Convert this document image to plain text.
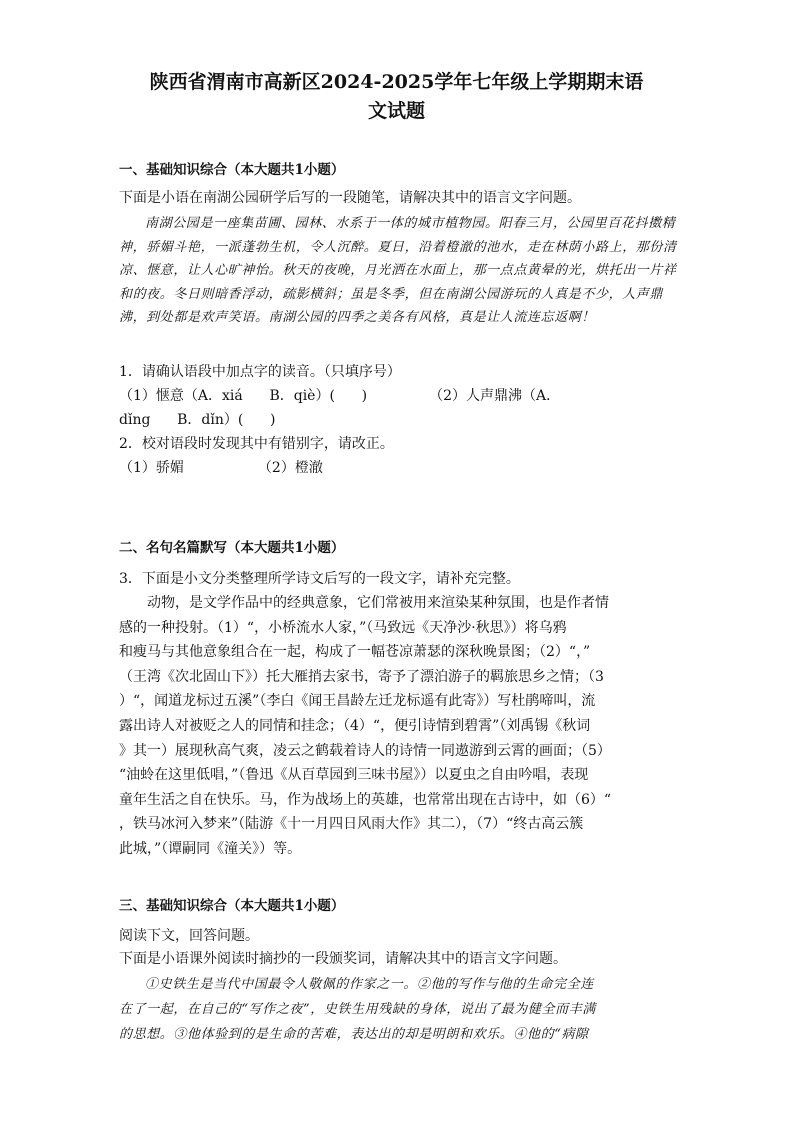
陕西省渭南市高新区2024-2025学年七年级上学期期末语
文试题
一、基础知识综合（本大题共1小题）
下面是小语在南湖公园研学后写的一段随笔，请解决其中的语言文字问题。
南湖公园是一座集苗圃、园林、水系于一体的城市植物园。阳春三月，公园里百花抖擞精神，骄媚斗艳，一派蓬勃生机，令人沉醉。夏日，沿着橙澈的池水，走在林荫小路上，那份清凉、惬意，让人心旷神怡。秋天的夜晚，月光洒在水面上，那一点点黄晕的光，烘托出一片祥和的夜。冬日则暗香浮动，疏影横斜；虽是冬季，但在南湖公园游玩的人真是不少，人声鼎沸，到处都是欢声笑语。南湖公园的四季之美各有风格，真是让人流连忘返啊！
1．请确认语段中加点字的读音。（只填序号）
（1）惬意（A．xiá      B．qiè）(      )	（2）人声鼎沸（A．
dǐng      B．dǐn）(      )
2．校对语段时发现其中有错别字，请改正。
（1）骄媚	（2）橙澈
二、名句名篇默写（本大题共1小题）
3．下面是小文分类整理所学诗文后写的一段文字，请补充完整。
动物，是文学作品中的经典意象，它们常被用来渲染某种氛围，也是作者情
感的一种投射。（1）“，小桥流水人家，”（马致远《天净沙·秋思》）将乌鸦
和瘦马与其他意象组合在一起，构成了一幅苍凉萧瑟的深秋晚景图；（2）“，”
（王湾《次北固山下》）托大雁捎去家书，寄予了漂泊游子的羁旅思乡之情；（3
）“，闻道龙标过五溪”（李白《闻王昌龄左迁龙标遥有此寄》）写杜鹃啼叫，流
露出诗人对被贬之人的同情和挂念；（4）“，便引诗情到碧霄”（刘禹锡《秋词
》其一）展现秋高气爽，凌云之鹤载着诗人的诗情一同遨游到云霄的画面；（5）
“油蛉在这里低唱，”（鲁迅《从百草园到三味书屋》）以夏虫之自由吟唱，表现
童年生活之自在快乐。马，作为战场上的英雄，也常常出现在古诗中，如（6）“
，铁马冰河入梦来”（陆游《十一月四日风雨大作》其二），（7）“终古高云簇
此城，”（谭嗣同《潼关》）等。
三、基础知识综合（本大题共1小题）
阅读下文，回答问题。
下面是小语课外阅读时摘抄的一段颁奖词，请解决其中的语言文字问题。
①史铁生是当代中国最令人敬佩的作家之一。②他的写作与他的生命完全连
在了一起，在自己的“写作之夜”，史铁生用残缺的身体，说出了最为健全而丰满
的思想。③他体验到的是生命的苦难，表达出的却是明朗和欢乐。④他的“病隙
